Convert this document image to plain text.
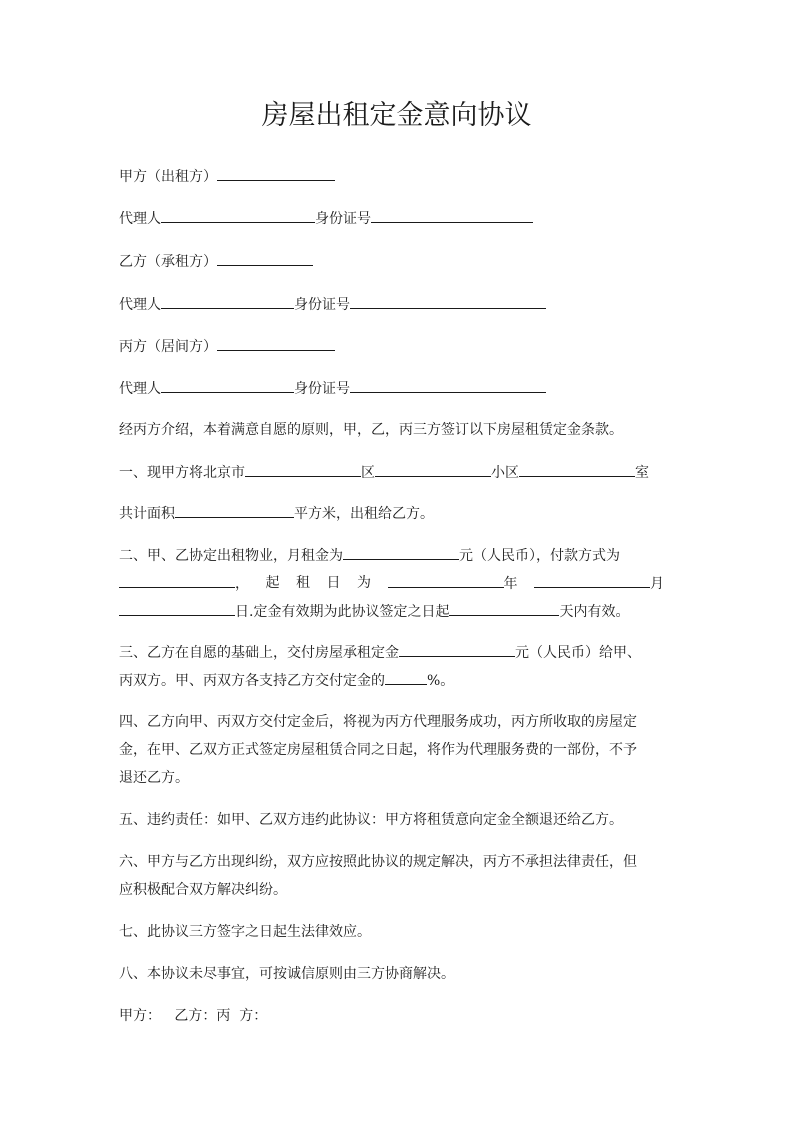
房屋出租定金意向协议
甲方（出租方）
代理人	身份证号
乙方（承租方）
代理人	身份证号
丙方（居间方）
代理人	身份证号
经丙方介绍，本着满意自愿的原则，甲，乙，丙三方签订以下房屋租赁定金条款。
一、现甲方将北京市	区	小区	室
共计面积	平方米，出租给乙方。
二、甲、乙协定出租物业，月租金为	元（人民币），付款方式为
， 起 租 日 为	年	月
日.定金有效期为此协议签定之日起	天内有效。
三、乙方在自愿的基础上，交付房屋承租定金	元（人民币）给甲、
丙双方。甲、丙双方各支持乙方交付定金的	%。
四、乙方向甲、丙双方交付定金后，将视为丙方代理服务成功，丙方所收取的房屋定
金，在甲、乙双方正式签定房屋租赁合同之日起，将作为代理服务费的一部份，不予
退还乙方。
五、违约责任：如甲、乙双方违约此协议：甲方将租赁意向定金全额退还给乙方。
六、甲方与乙方出现纠纷，双方应按照此协议的规定解决，丙方不承担法律责任，但
应积极配合双方解决纠纷。
七、此协议三方签字之日起生法律效应。
八、本协议未尽事宜，可按诚信原则由三方协商解决。
甲方：   乙方：丙  方：
